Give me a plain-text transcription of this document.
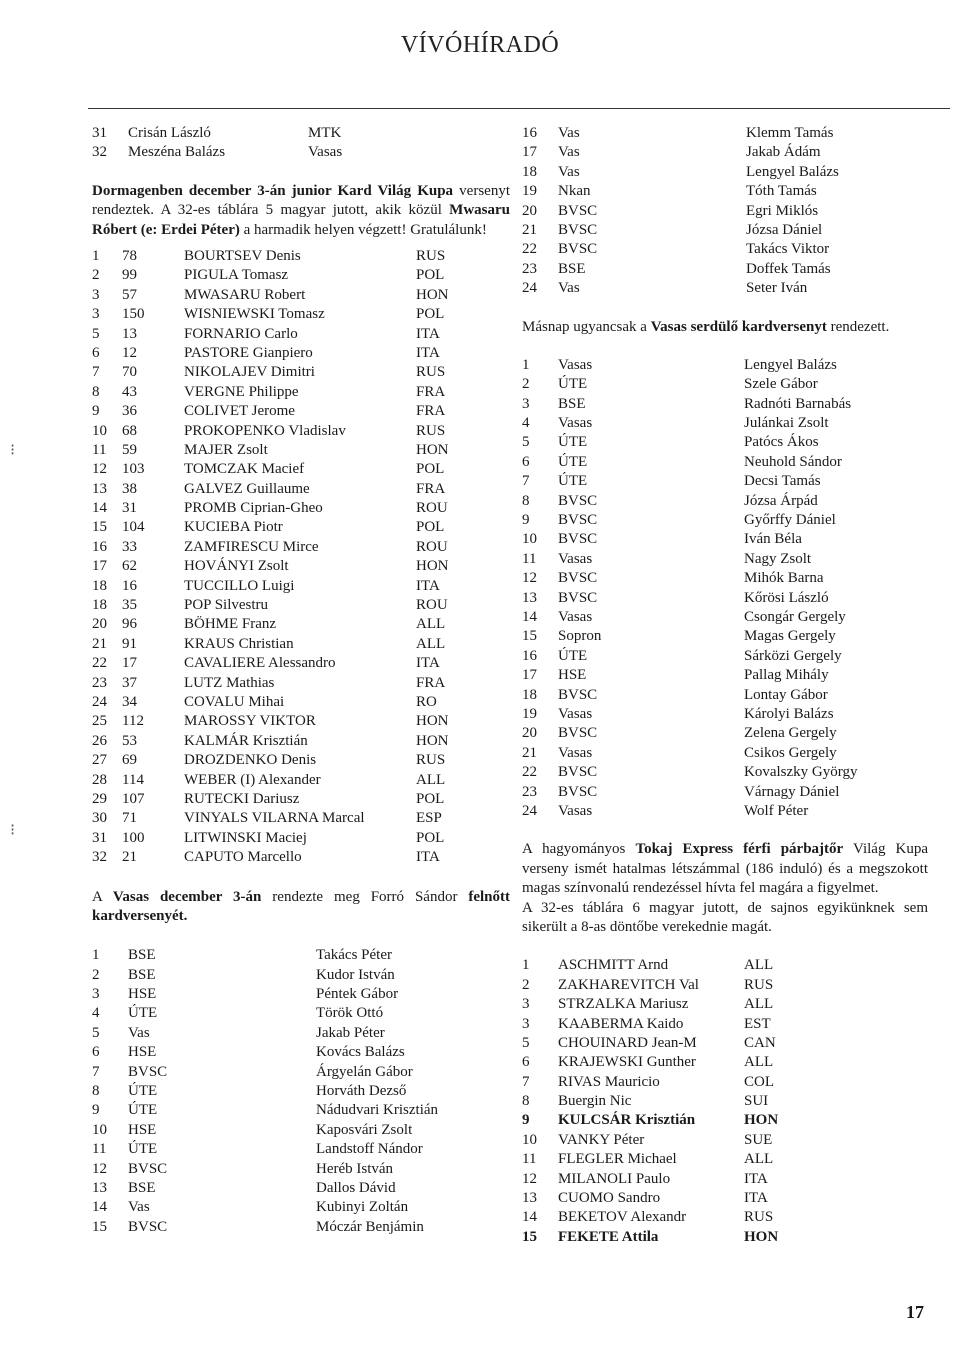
VÍVÓHÍRADÓ
⁝
⁝
31	Crisán László	MTK
32	Meszéna Balázs	Vasas

Dormagenben december 3-án junior Kard Világ Kupa versenyt rendeztek. A 32-es táblára 5 magyar jutott, akik közül Mwasaru Róbert (e: Erdei Péter) a harmadik helyen végzett! Gratulálunk!

1	78	BOURTSEV Denis	RUS
2	99	PIGULA Tomasz	POL
3	57	MWASARU Robert	HON
3	150	WISNIEWSKI Tomasz	POL
5	13	FORNARIO Carlo	ITA
6	12	PASTORE Gianpiero	ITA
7	70	NIKOLAJEV Dimitri	RUS
8	43	VERGNE Philippe	FRA
9	36	COLIVET Jerome	FRA
10	68	PROKOPENKO Vladislav	RUS
11	59	MAJER Zsolt	HON
12	103	TOMCZAK Macief	POL
13	38	GALVEZ Guillaume	FRA
14	31	PROMB Ciprian-Gheo	ROU
15	104	KUCIEBA Piotr	POL
16	33	ZAMFIRESCU Mirce	ROU
17	62	HOVÁNYI Zsolt	HON
18	16	TUCCILLO Luigi	ITA
18	35	POP Silvestru	ROU
20	96	BÖHME Franz	ALL
21	91	KRAUS Christian	ALL
22	17	CAVALIERE Alessandro	ITA
23	37	LUTZ Mathias	FRA
24	34	COVALU Mihai	RO
25	112	MAROSSY VIKTOR	HON
26	53	KALMÁR Krisztián	HON
27	69	DROZDENKO Denis	RUS
28	114	WEBER (I) Alexander	ALL
29	107	RUTECKI Dariusz	POL
30	71	VINYALS VILARNA Marcal	ESP
31	100	LITWINSKI Maciej	POL
32	21	CAPUTO Marcello	ITA

A Vasas december 3-án rendezte meg Forró Sándor felnőtt kardversenyét.

1	BSE	Takács Péter
2	BSE	Kudor István
3	HSE	Péntek Gábor
4	ÚTE	Török Ottó
5	Vas	Jakab Péter
6	HSE	Kovács Balázs
7	BVSC	Árgyelán Gábor
8	ÚTE	Horváth Dezső
9	ÚTE	Nádudvari Krisztián
10	HSE	Kaposvári Zsolt
11	ÚTE	Landstoff Nándor
12	BVSC	Heréb István
13	BSE	Dallos Dávid
14	Vas	Kubinyi Zoltán
15	BVSC	Móczár Benjámin
16	Vas	Klemm Tamás
17	Vas	Jakab Ádám
18	Vas	Lengyel Balázs
19	Nkan	Tóth Tamás
20	BVSC	Egri Miklós
21	BVSC	Józsa Dániel
22	BVSC	Takács Viktor
23	BSE	Doffek Tamás
24	Vas	Seter Iván

Másnap ugyancsak a Vasas serdülő kardversenyt rendezett.

1	Vasas	Lengyel Balázs
2	ÚTE	Szele Gábor
3	BSE	Radnóti Barnabás
4	Vasas	Julánkai Zsolt
5	ÚTE	Patócs Ákos
6	ÚTE	Neuhold Sándor
7	ÚTE	Decsi Tamás
8	BVSC	Józsa Árpád
9	BVSC	Győrffy Dániel
10	BVSC	Iván Béla
11	Vasas	Nagy Zsolt
12	BVSC	Mihók Barna
13	BVSC	Kőrösi László
14	Vasas	Csongár Gergely
15	Sopron	Magas Gergely
16	ÚTE	Sárközi Gergely
17	HSE	Pallag Mihály
18	BVSC	Lontay Gábor
19	Vasas	Károlyi Balázs
20	BVSC	Zelena Gergely
21	Vasas	Csikos Gergely
22	BVSC	Kovalszky György
23	BVSC	Várnagy Dániel
24	Vasas	Wolf Péter

A hagyományos Tokaj Express férfi párbajtőr Világ Kupa verseny ismét hatalmas létszámmal (186 induló) és a megszokott magas színvonalú rendezéssel hívta fel magára a figyelmet.

A 32-es táblára 6 magyar jutott, de sajnos egyikünknek sem sikerült a 8-as döntőbe verekednie magát.

1	ASCHMITT Arnd	ALL
2	ZAKHAREVITCH Val	RUS
3	STRZALKA Mariusz	ALL
3	KAABERMA Kaido	EST
5	CHOUINARD Jean-M	CAN
6	KRAJEWSKI Gunther	ALL
7	RIVAS Mauricio	COL
8	Buergin Nic	SUI
9	KULCSÁR Krisztián	HON
10	VANKY Péter	SUE
11	FLEGLER Michael	ALL
12	MILANOLI Paulo	ITA
13	CUOMO Sandro	ITA
14	BEKETOV Alexandr	RUS
15	FEKETE Attila	HON
17
